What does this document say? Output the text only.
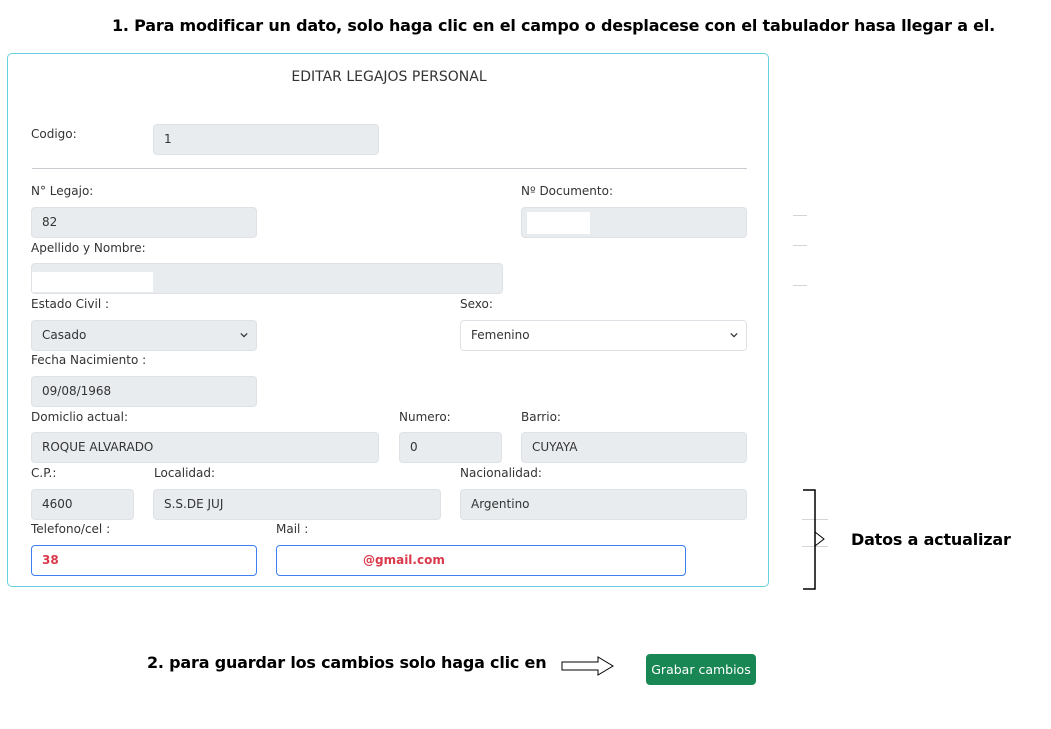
1. Para modificar un dato, solo haga clic en el campo o desplacese con el tabulador hasa llegar a el.
EDITAR LEGAJOS PERSONAL
Codigo:	1
N° Legajo:
82
Nº Documento:
Apellido y Nombre:
Estado Civil :
Casado
Sexo:
Femenino
Fecha Nacimiento :
09/08/1968
Domiclio actual:
ROQUE ALVARADO
Numero:
0
Barrio:
CUYAYA
C.P.:
4600
Localidad:
S.S.DE JUJ
Nacionalidad:
Argentino
Telefono/cel :
38
Mail :
@gmail.com
Datos a actualizar
2. para guardar los cambios solo haga clic en	Grabar cambios
